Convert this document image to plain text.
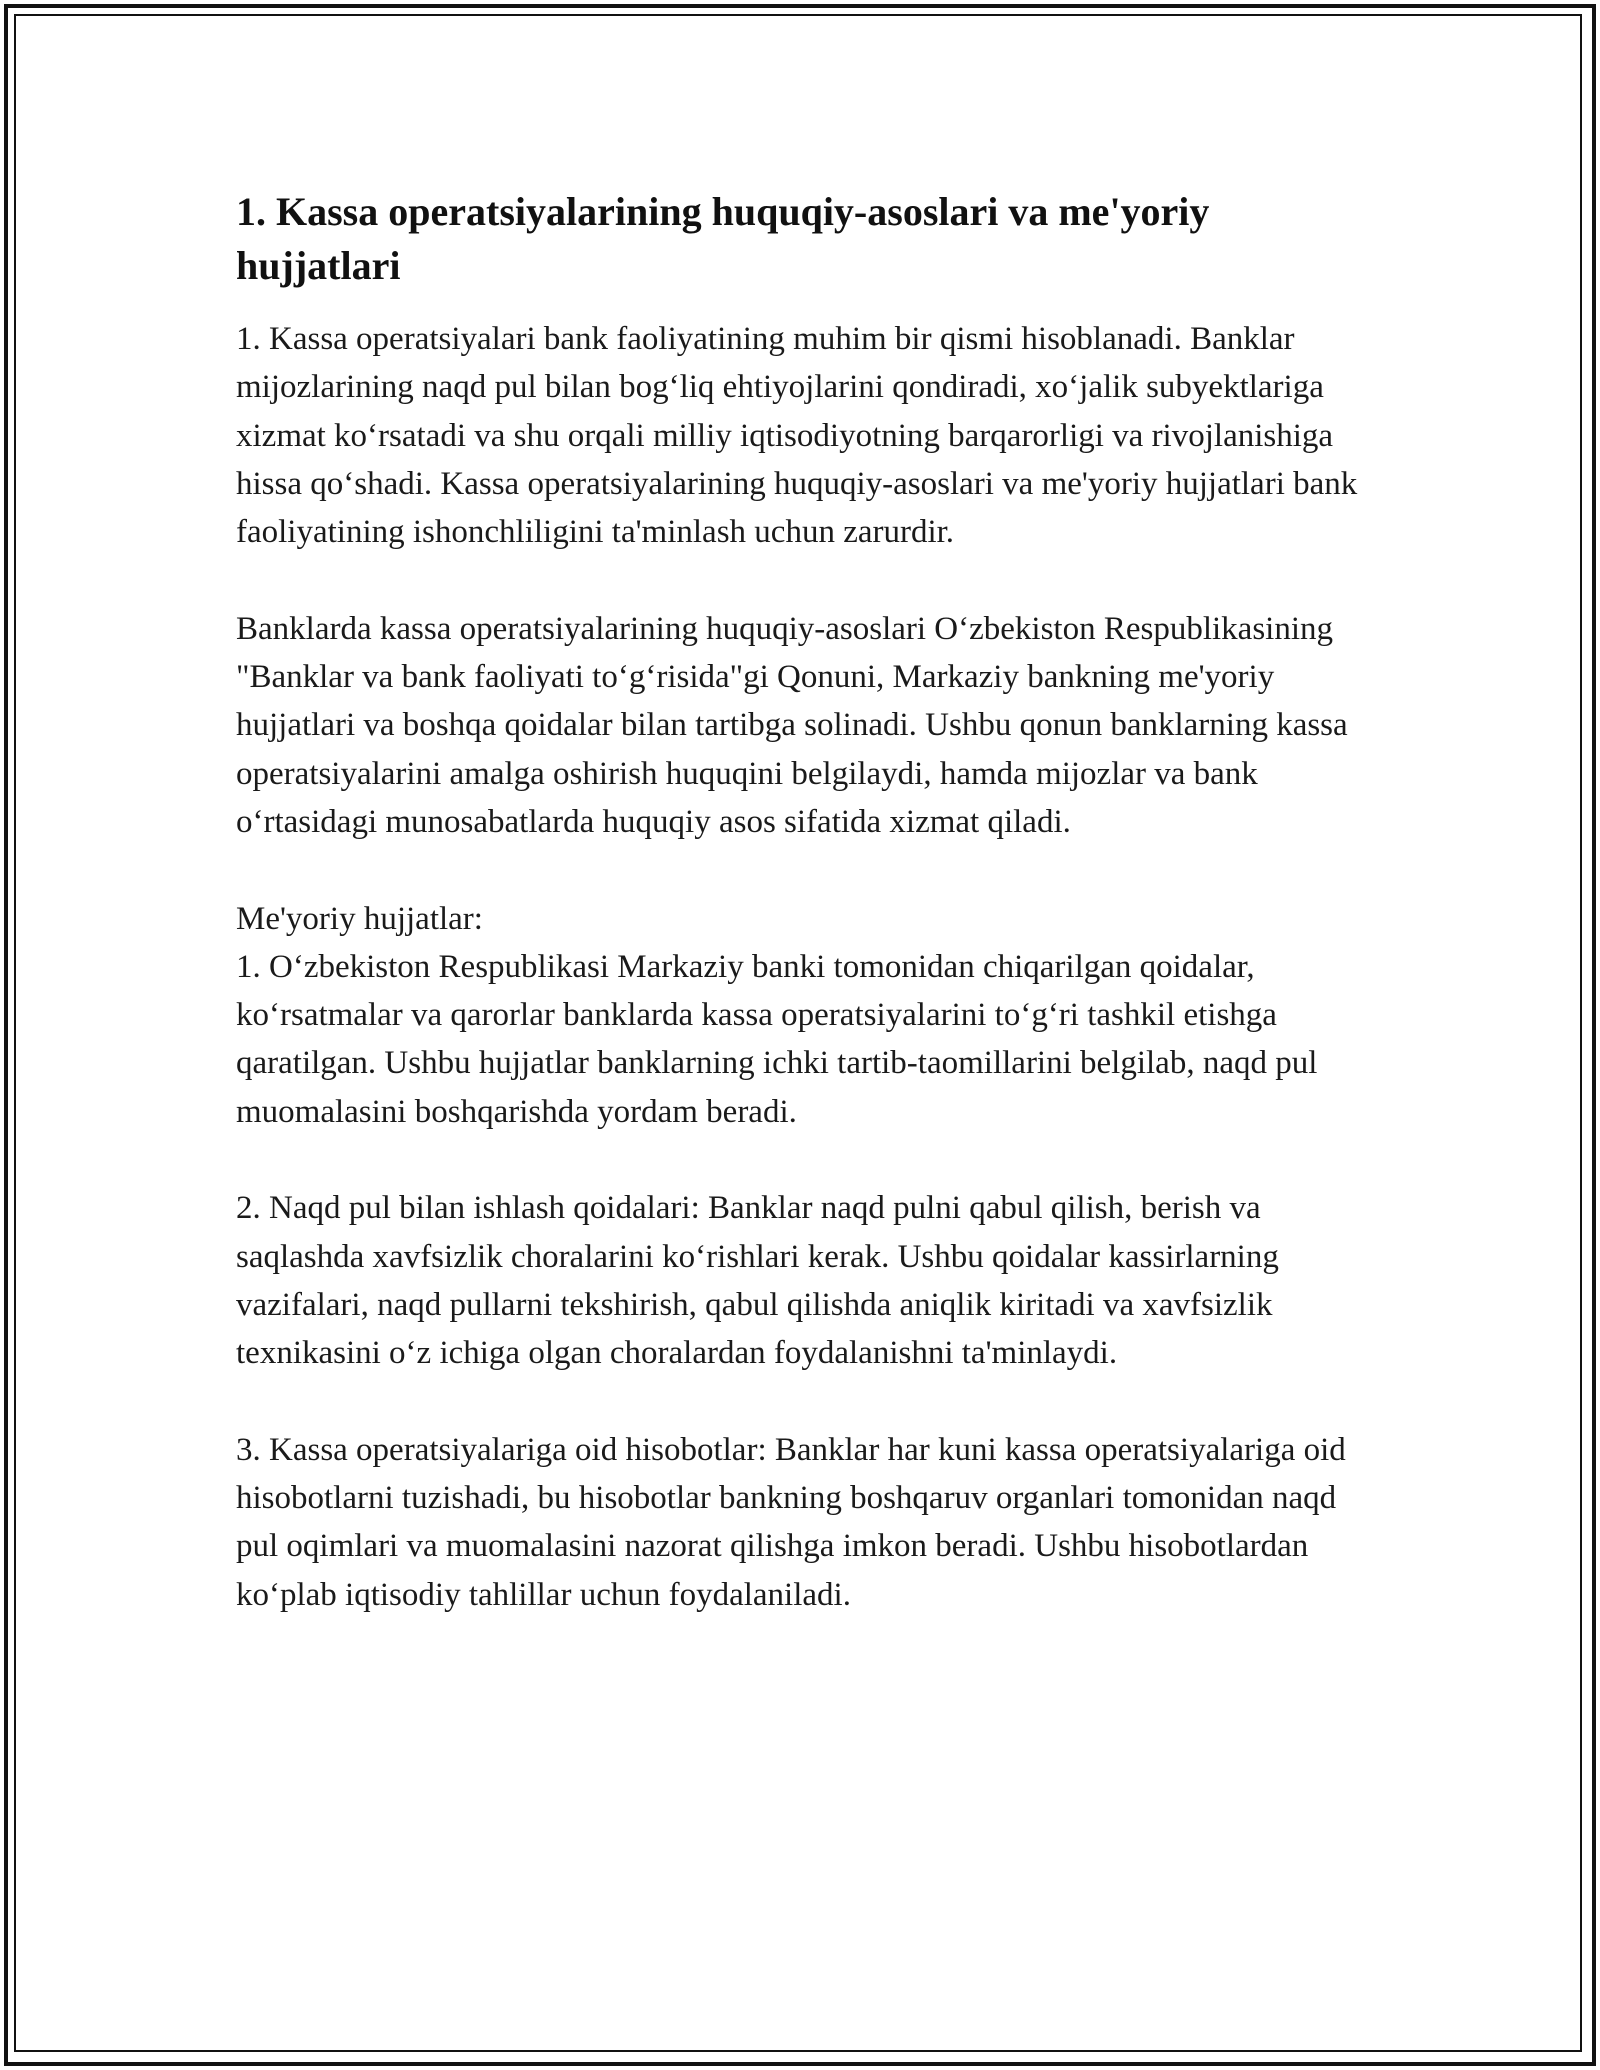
1. Kassa operatsiyalarining huquqiy-asoslari va me'yoriy hujjatlari

1. Kassa operatsiyalari bank faoliyatining muhim bir qismi hisoblanadi. Banklar mijozlarining naqd pul bilan bog‘liq ehtiyojlarini qondiradi, xo‘jalik subyektlariga xizmat ko‘rsatadi va shu orqali milliy iqtisodiyotning barqarorligi va rivojlanishiga hissa qo‘shadi. Kassa operatsiyalarining huquqiy-asoslari va me'yoriy hujjatlari bank faoliyatining ishonchliligini ta'minlash uchun zarurdir.

Banklarda kassa operatsiyalarining huquqiy-asoslari O‘zbekiston Respublikasining "Banklar va bank faoliyati to‘g‘risida"gi Qonuni, Markaziy bankning me'yoriy hujjatlari va boshqa qoidalar bilan tartibga solinadi. Ushbu qonun banklarning kassa operatsiyalarini amalga oshirish huquqini belgilaydi, hamda mijozlar va bank o‘rtasidagi munosabatlarda huquqiy asos sifatida xizmat qiladi.

Me'yoriy hujjatlar:

1. O‘zbekiston Respublikasi Markaziy banki tomonidan chiqarilgan qoidalar, ko‘rsatmalar va qarorlar banklarda kassa operatsiyalarini to‘g‘ri tashkil etishga qaratilgan. Ushbu hujjatlar banklarning ichki tartib-taomillarini belgilab, naqd pul muomalasini boshqarishda yordam beradi.

2. Naqd pul bilan ishlash qoidalari: Banklar naqd pulni qabul qilish, berish va saqlashda xavfsizlik choralarini ko‘rishlari kerak. Ushbu qoidalar kassirlarning vazifalari, naqd pullarni tekshirish, qabul qilishda aniqlik kiritadi va xavfsizlik texnikasini o‘z ichiga olgan choralardan foydalanishni ta'minlaydi.

3. Kassa operatsiyalariga oid hisobotlar: Banklar har kuni kassa operatsiyalariga oid hisobotlarni tuzishadi, bu hisobotlar bankning boshqaruv organlari tomonidan naqd pul oqimlari va muomalasini nazorat qilishga imkon beradi. Ushbu hisobotlardan ko‘plab iqtisodiy tahlillar uchun foydalaniladi.
